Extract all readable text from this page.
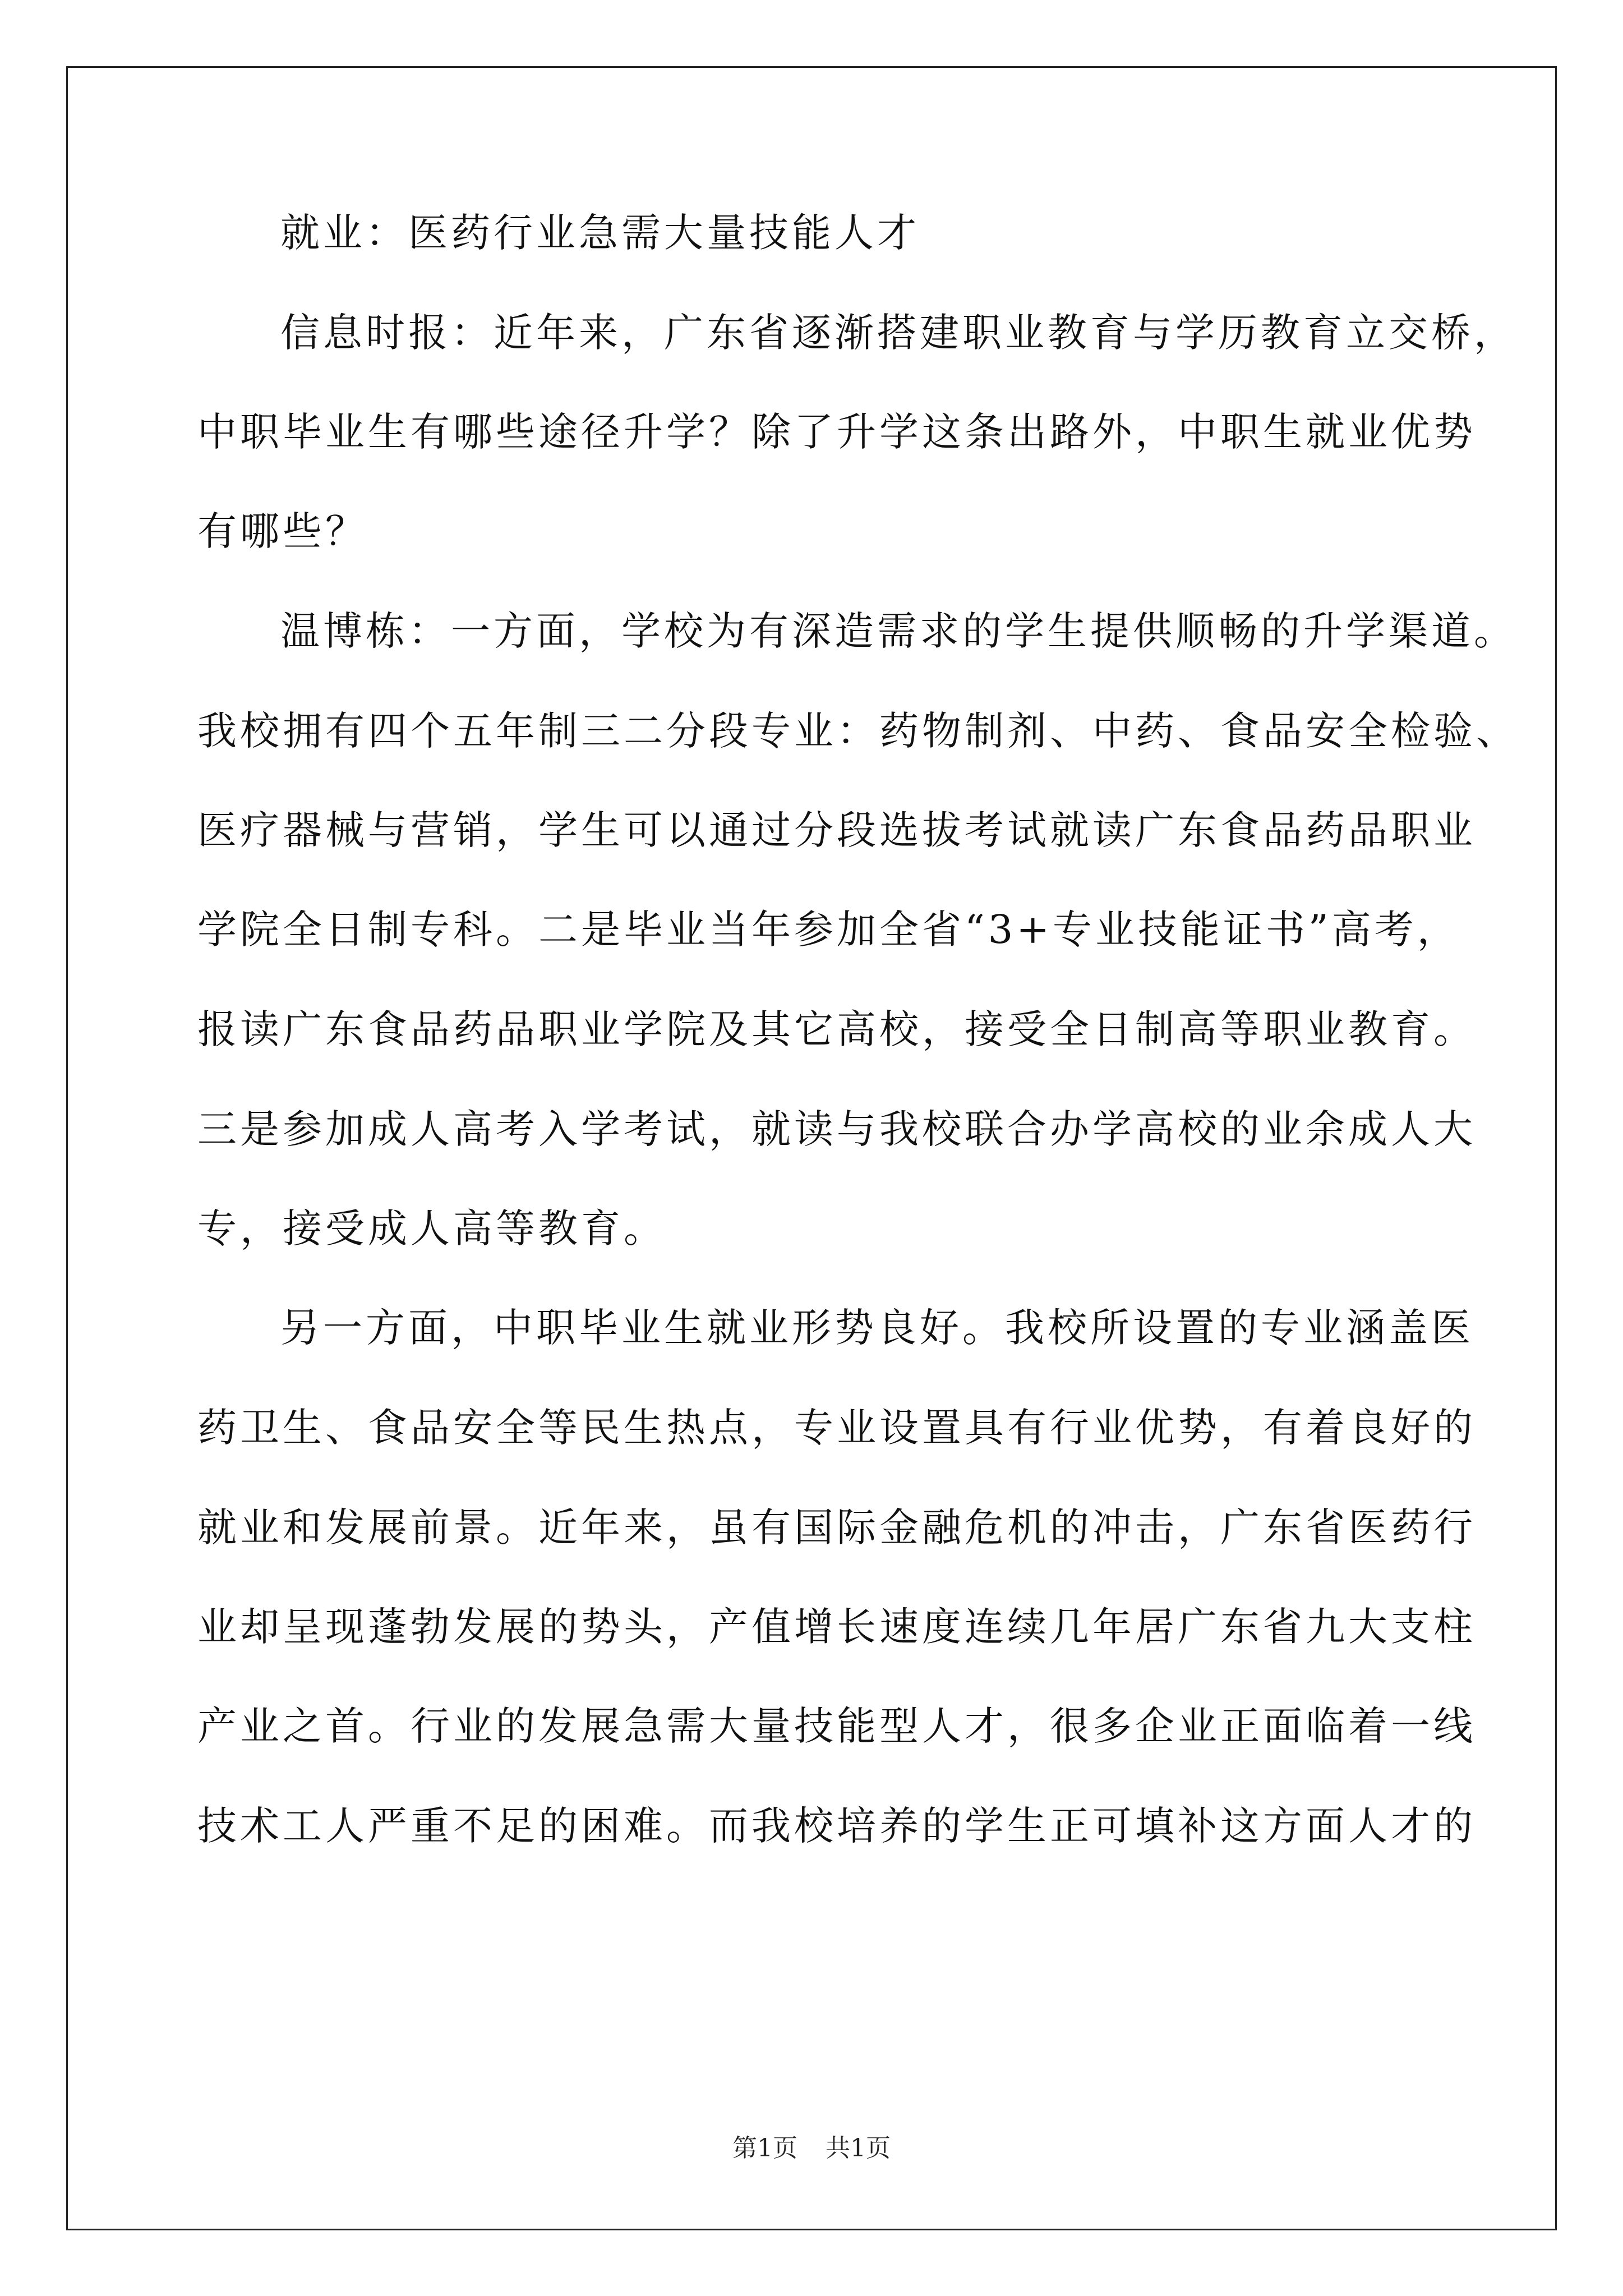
就业：医药行业急需大量技能人才
信息时报：近年来，广东省逐渐搭建职业教育与学历教育立交桥，
中职毕业生有哪些途径升学？除了升学这条出路外，中职生就业优势
有哪些？
温博栋：一方面，学校为有深造需求的学生提供顺畅的升学渠道。
我校拥有四个五年制三二分段专业：药物制剂、中药、食品安全检验、
医疗器械与营销，学生可以通过分段选拔考试就读广东食品药品职业
学院全日制专科。二是毕业当年参加全省“3+专业技能证书”高考，
报读广东食品药品职业学院及其它高校，接受全日制高等职业教育。
三是参加成人高考入学考试，就读与我校联合办学高校的业余成人大
专，接受成人高等教育。
另一方面，中职毕业生就业形势良好。我校所设置的专业涵盖医
药卫生、食品安全等民生热点，专业设置具有行业优势，有着良好的
就业和发展前景。近年来，虽有国际金融危机的冲击，广东省医药行
业却呈现蓬勃发展的势头，产值增长速度连续几年居广东省九大支柱
产业之首。行业的发展急需大量技能型人才，很多企业正面临着一线
技术工人严重不足的困难。而我校培养的学生正可填补这方面人才的
第1页 共1页
